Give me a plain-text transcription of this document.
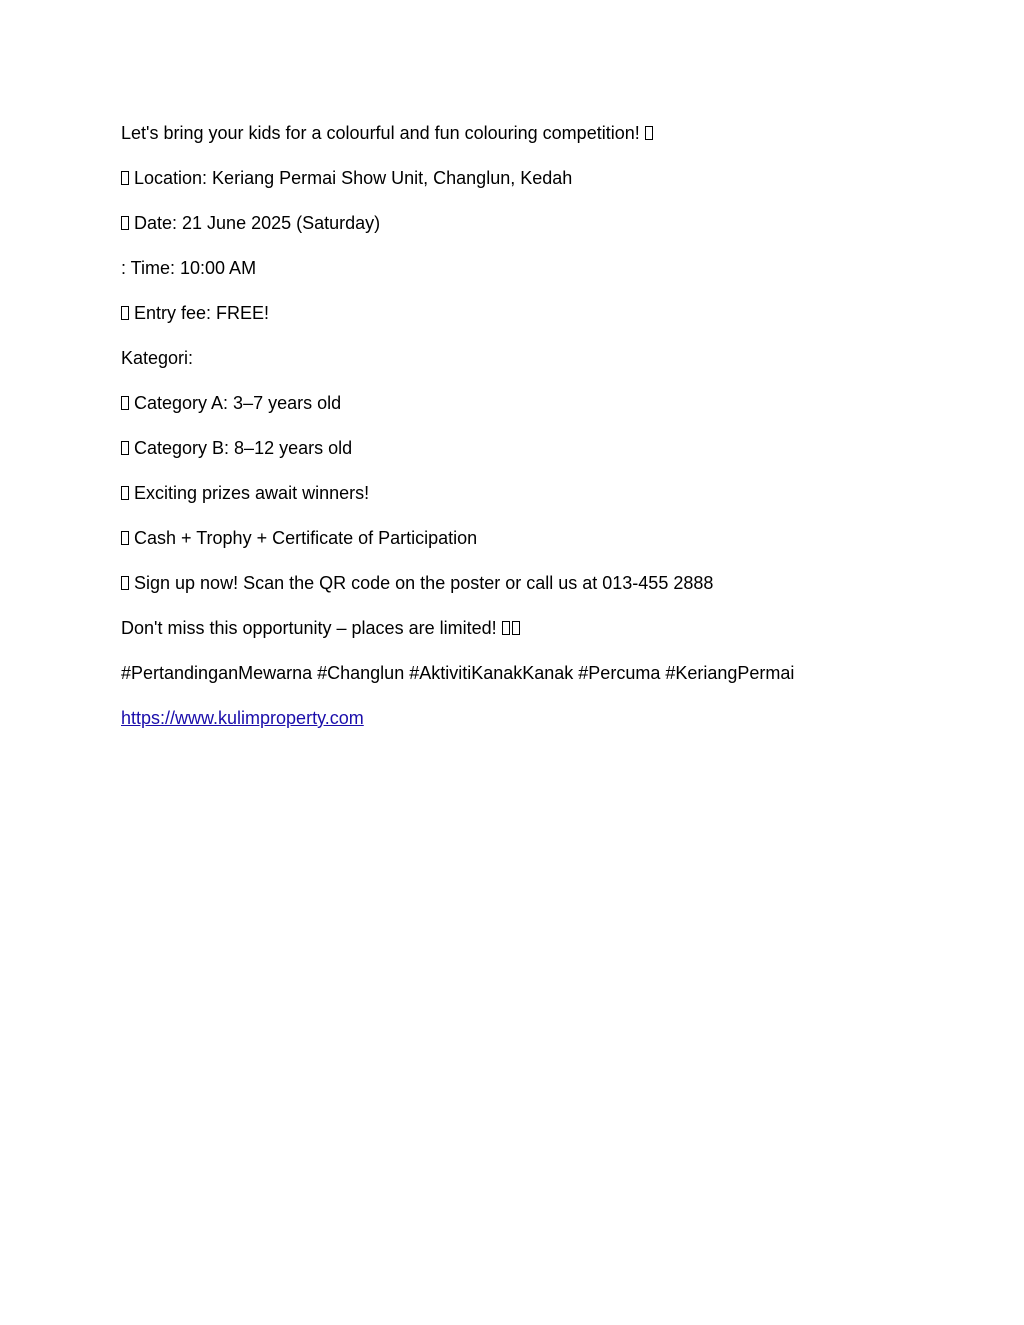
Let's bring your kids for a colourful and fun colouring competition!
Location: Keriang Permai Show Unit, Changlun, Kedah
Date: 21 June 2025 (Saturday)
: Time: 10:00 AM
Entry fee: FREE!
Kategori:
Category A: 3–7 years old
Category B: 8–12 years old
Exciting prizes await winners!
Cash + Trophy + Certificate of Participation
Sign up now! Scan the QR code on the poster or call us at 013-455 2888
Don't miss this opportunity – places are limited!
#PertandinganMewarna #Changlun #AktivitiKanakKanak #Percuma #KeriangPermai
https://www.kulimproperty.com
